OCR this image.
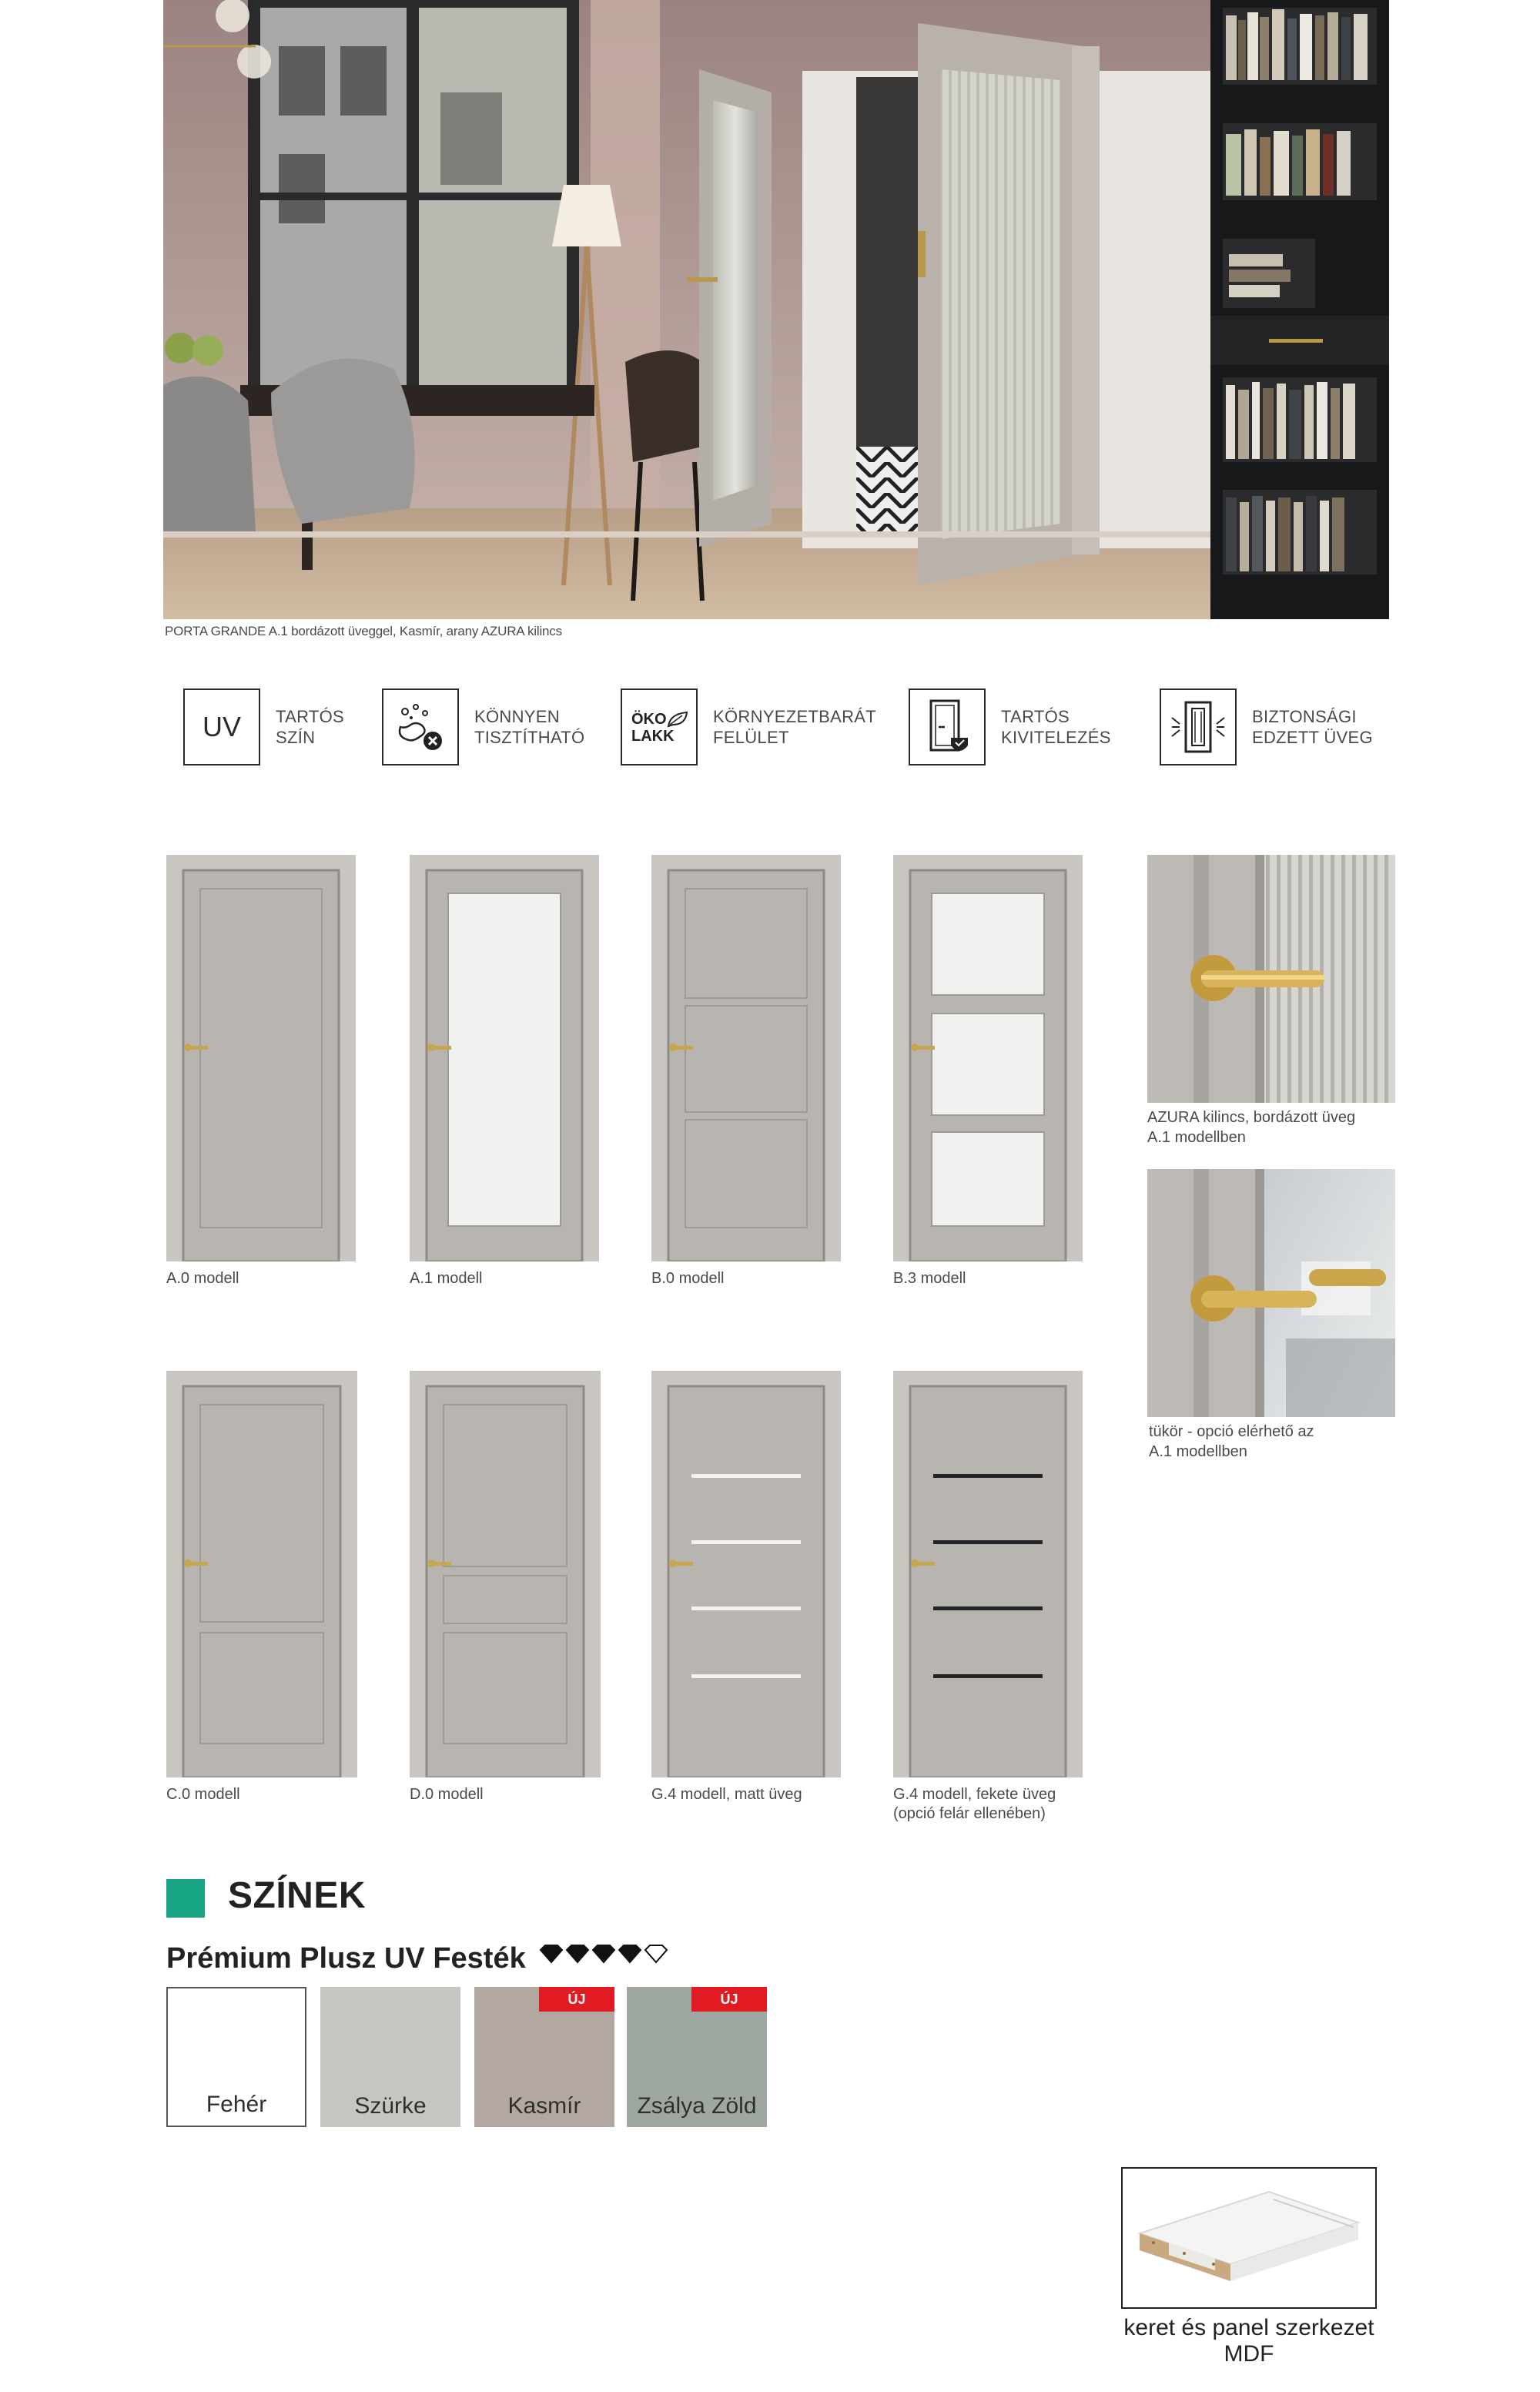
PORTA GRANDE A.1 bordázott üveggel, Kasmír, arany AZURA kilincs
UV TARTÓS
SZÍN
KÖNNYEN
TISZTÍTHATÓ
ÖKO
LAKK
KÖRNYEZETBARÁT
FELÜLET
TARTÓS
KIVITELEZÉS
BIZTONSÁGI
EDZETT ÜVEG
A.0 modell	A.1 modell	B.0 modell	B.3 modell
C.0 modell	D.0 modell	G.4 modell, matt üveg	G.4 modell, fekete üveg
(opció felár ellenében)
AZURA kilincs, bordázott üveg
A.1 modellben
tükör - opció elérhető az
A.1 modellben
SZÍNEK
Prémium Plusz UV Festék
Fehér	Szürke
ÚJ
Kasmír
ÚJ
Zsálya Zöld
keret és panel szerkezet
MDF
